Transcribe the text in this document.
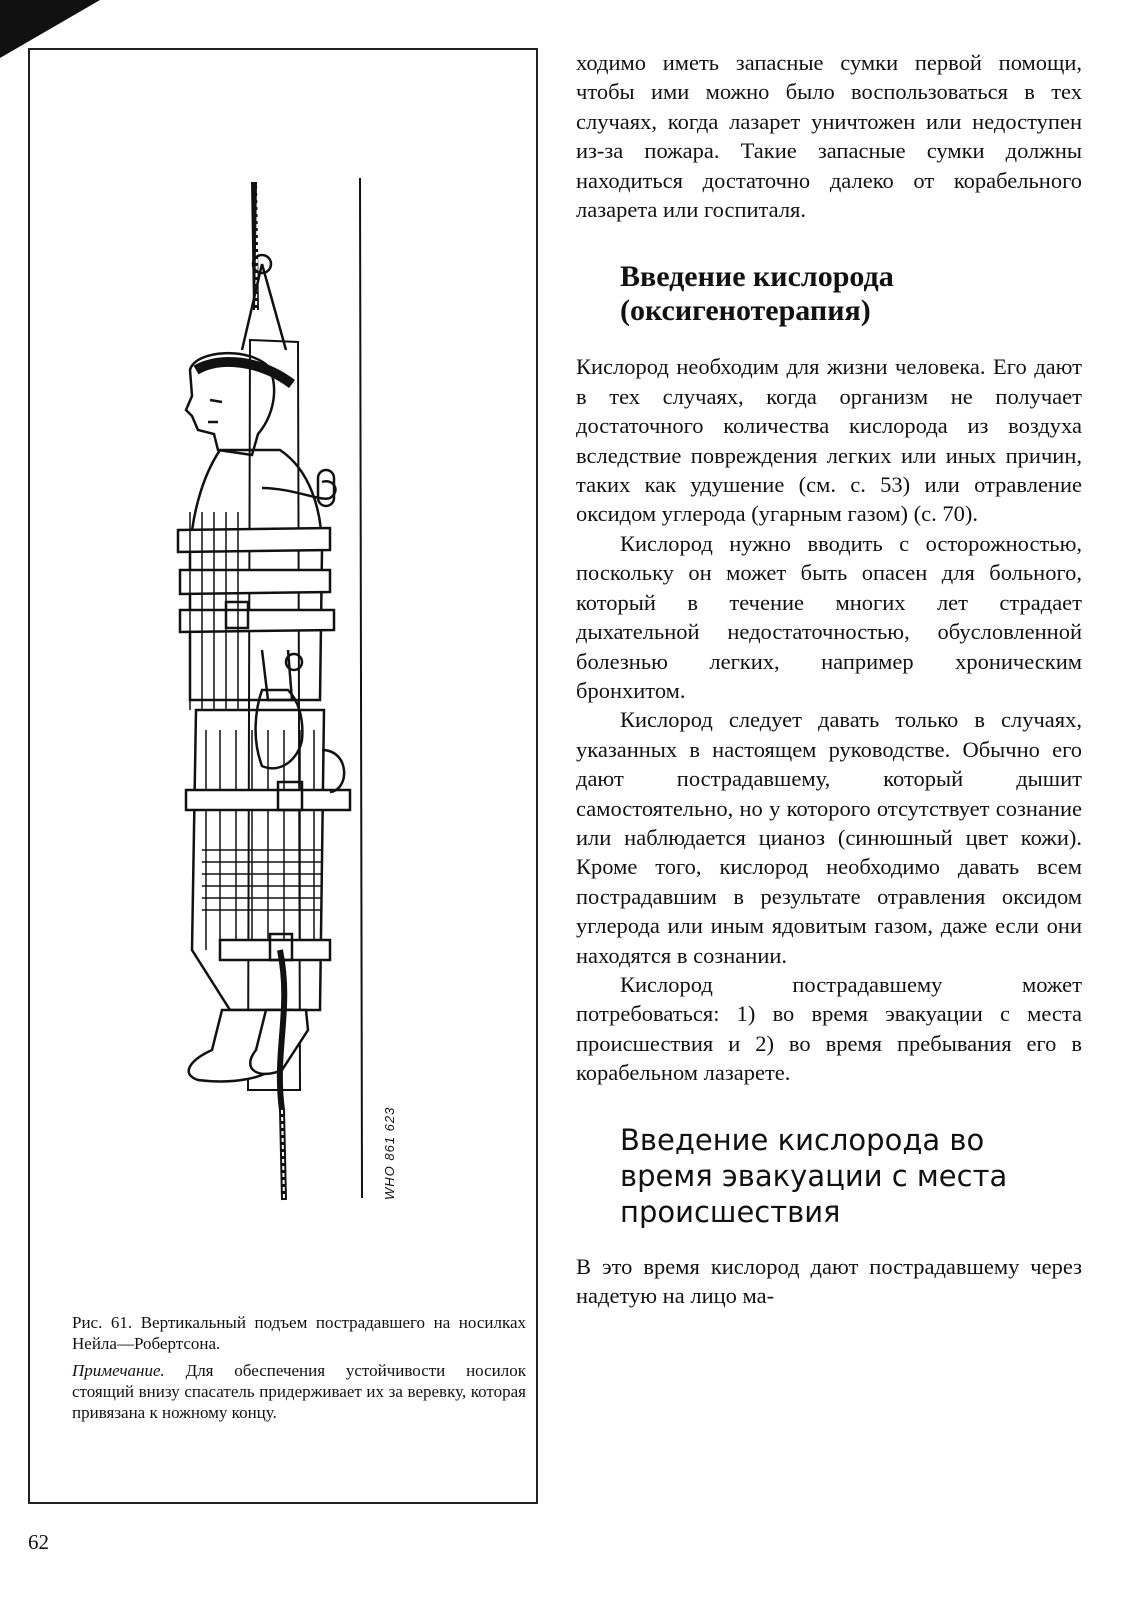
WHO 861 623

Рис. 61. Вертикальный подъем пострадавшего на носилках Нейла—Робертсона.

Примечание. Для обеспечения устойчивости носилок стоящий внизу спасатель придерживает их за веревку, которая привязана к ножному концу.

ходимо иметь запасные сумки первой помощи, чтобы ими можно было воспользоваться в тех случаях, когда лазарет уничтожен или недоступен из-за пожара. Такие запасные сумки должны находиться достаточно далеко от корабельного лазарета или госпиталя.

Введение кислорода (оксигенотерапия)

Кислород необходим для жизни человека. Его дают в тех случаях, когда организм не получает достаточного количества кислорода из воздуха вследствие повреждения легких или иных причин, таких как удушение (см. с. 53) или отравление оксидом углерода (угарным газом) (с. 70).

Кислород нужно вводить с осторожностью, поскольку он может быть опасен для больного, который в течение многих лет страдает дыхательной недостаточностью, обусловленной болезнью легких, например хроническим бронхитом.

Кислород следует давать только в случаях, указанных в настоящем руководстве. Обычно его дают пострадавшему, который дышит самостоятельно, но у которого отсутствует сознание или наблюдается цианоз (синюшный цвет кожи). Кроме того, кислород необходимо давать всем пострадавшим в результате отравления оксидом углерода или иным ядовитым газом, даже если они находятся в сознании.

Кислород пострадавшему может потребоваться: 1) во время эвакуации с места происшествия и 2) во время пребывания его в корабельном лазарете.

Введение кислорода во время эвакуации с места происшествия

В это время кислород дают пострадавшему через надетую на лицо ма-

62
